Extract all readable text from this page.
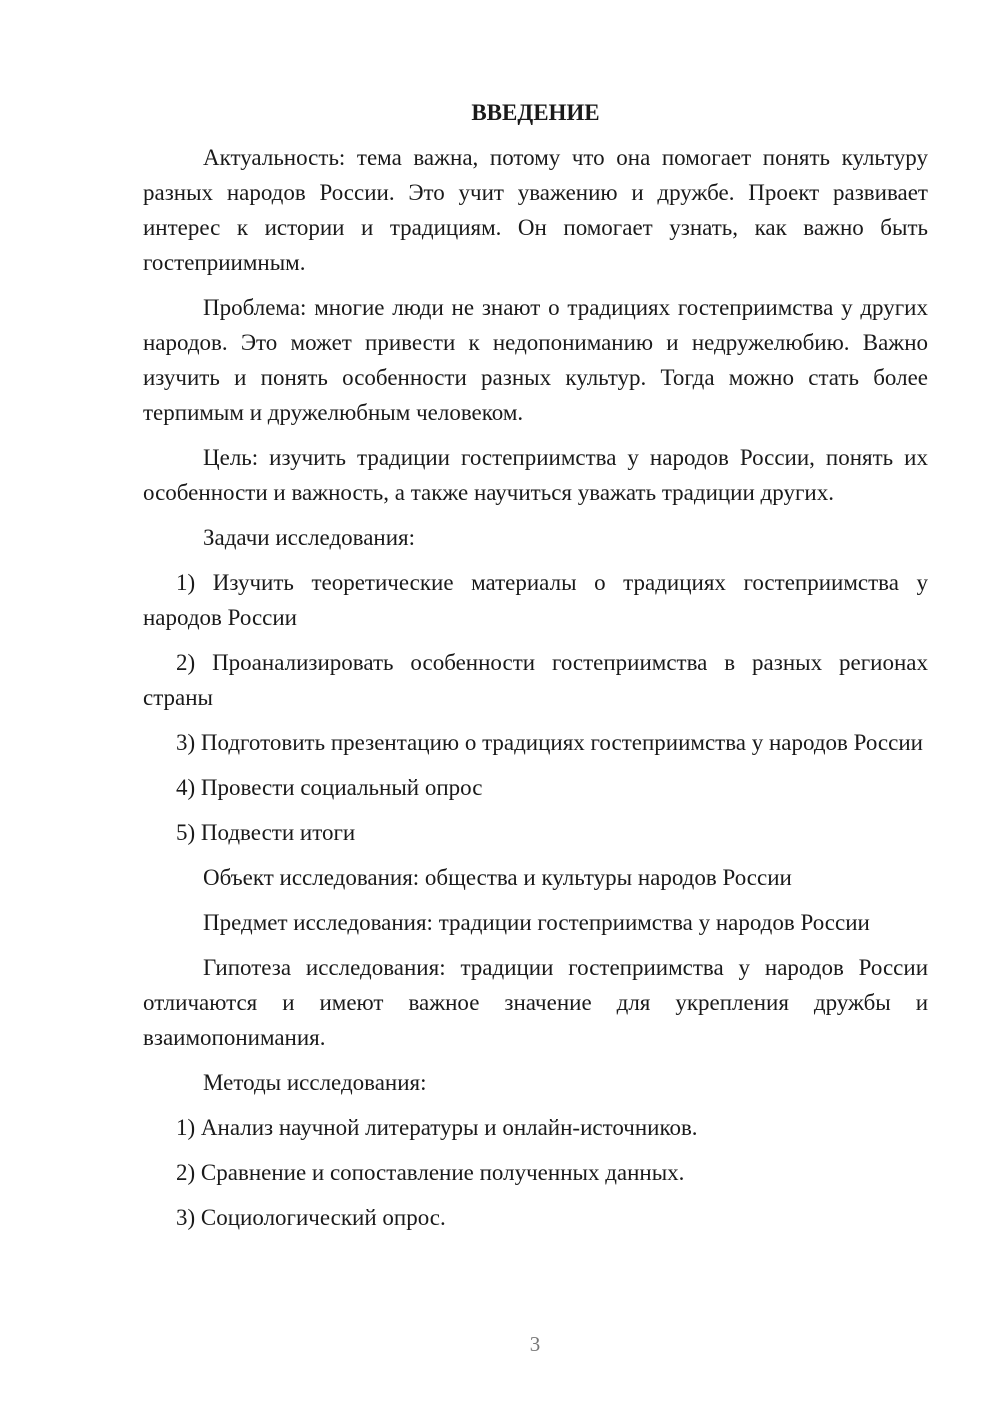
ВВЕДЕНИЕ

Актуальность: тема важна, потому что она помогает понять культуру разных народов России. Это учит уважению и дружбе. Проект развивает интерес к истории и традициям. Он помогает узнать, как важно быть гостеприимным.

Проблема: многие люди не знают о традициях гостеприимства у других народов. Это может привести к недопониманию и недружелюбию. Важно изучить и понять особенности разных культур. Тогда можно стать более терпимым и дружелюбным человеком.

Цель: изучить традиции гостеприимства у народов России, понять их особенности и важность, а также научиться уважать традиции других.

Задачи исследования:

1) Изучить теоретические материалы о традициях гостеприимства у народов России

2) Проанализировать особенности гостеприимства в разных регионах страны

3) Подготовить презентацию о традициях гостеприимства у народов России

4) Провести социальный опрос

5) Подвести итоги

Объект исследования: общества и культуры народов России

Предмет исследования: традиции гостеприимства у народов России

Гипотеза исследования: традиции гостеприимства у народов России отличаются и имеют важное значение для укрепления дружбы и взаимопонимания.

Методы исследования:

1) Анализ научной литературы и онлайн-источников.

2) Сравнение и сопоставление полученных данных.

3) Социологический опрос.

3
